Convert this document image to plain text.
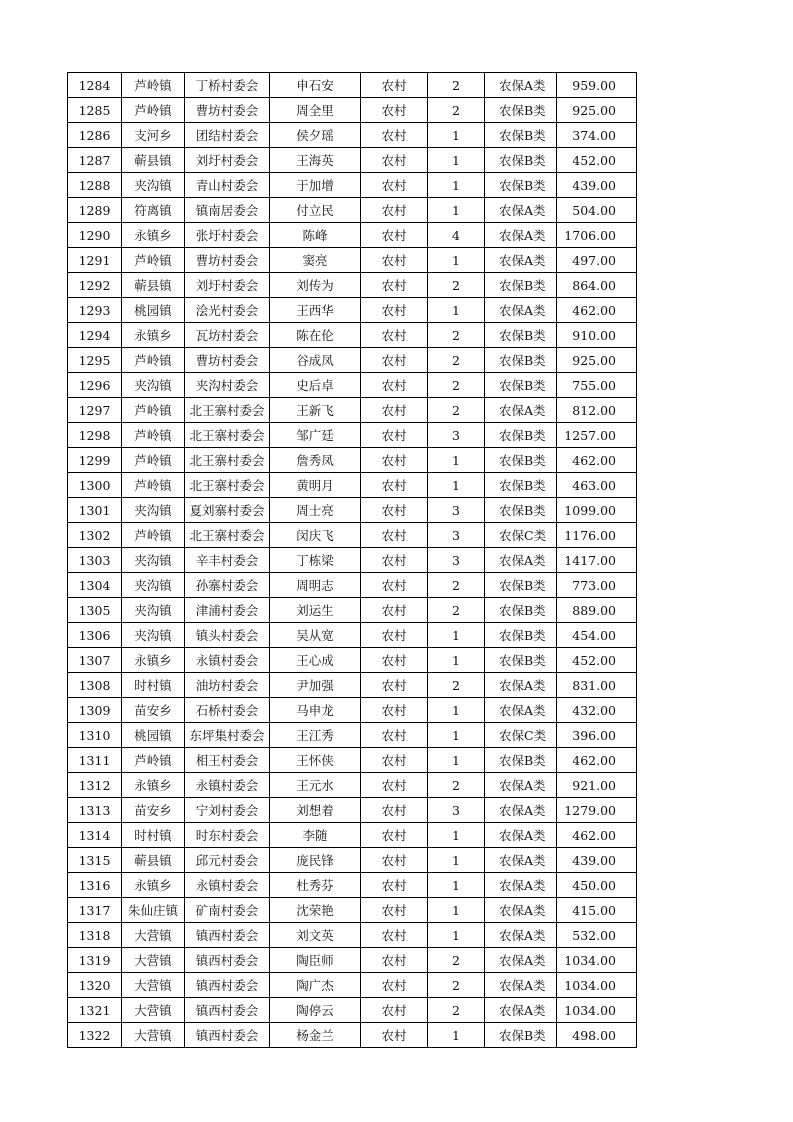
1284	芦岭镇	丁桥村委会	申石安	农村	2	农保A类	959.00
1285	芦岭镇	曹坊村委会	周全里	农村	2	农保B类	925.00
1286	支河乡	团结村委会	侯夕瑶	农村	1	农保B类	374.00
1287	蕲县镇	刘圩村委会	王海英	农村	1	农保B类	452.00
1288	夹沟镇	青山村委会	于加增	农村	1	农保B类	439.00
1289	符离镇	镇南居委会	付立民	农村	1	农保A类	504.00
1290	永镇乡	张圩村委会	陈峰	农村	4	农保A类	1706.00
1291	芦岭镇	曹坊村委会	窦亮	农村	1	农保A类	497.00
1292	蕲县镇	刘圩村委会	刘传为	农村	2	农保B类	864.00
1293	桃园镇	浍光村委会	王西华	农村	1	农保A类	462.00
1294	永镇乡	瓦坊村委会	陈在伦	农村	2	农保B类	910.00
1295	芦岭镇	曹坊村委会	谷成凤	农村	2	农保B类	925.00
1296	夹沟镇	夹沟村委会	史后卓	农村	2	农保B类	755.00
1297	芦岭镇	北王寨村委会	王新飞	农村	2	农保A类	812.00
1298	芦岭镇	北王寨村委会	邹广廷	农村	3	农保B类	1257.00
1299	芦岭镇	北王寨村委会	詹秀凤	农村	1	农保B类	462.00
1300	芦岭镇	北王寨村委会	黄明月	农村	1	农保B类	463.00
1301	夹沟镇	夏刘寨村委会	周士亮	农村	3	农保B类	1099.00
1302	芦岭镇	北王寨村委会	闵庆飞	农村	3	农保C类	1176.00
1303	夹沟镇	辛丰村委会	丁栋梁	农村	3	农保A类	1417.00
1304	夹沟镇	孙寨村委会	周明志	农村	2	农保B类	773.00
1305	夹沟镇	津浦村委会	刘运生	农村	2	农保B类	889.00
1306	夹沟镇	镇头村委会	吴从宽	农村	1	农保B类	454.00
1307	永镇乡	永镇村委会	王心成	农村	1	农保B类	452.00
1308	时村镇	油坊村委会	尹加强	农村	2	农保A类	831.00
1309	苗安乡	石桥村委会	马申龙	农村	1	农保A类	432.00
1310	桃园镇	东坪集村委会	王江秀	农村	1	农保C类	396.00
1311	芦岭镇	相王村委会	王怀侠	农村	1	农保B类	462.00
1312	永镇乡	永镇村委会	王元水	农村	2	农保A类	921.00
1313	苗安乡	宁刘村委会	刘想着	农村	3	农保A类	1279.00
1314	时村镇	时东村委会	李随	农村	1	农保A类	462.00
1315	蕲县镇	邱元村委会	庞民锋	农村	1	农保A类	439.00
1316	永镇乡	永镇村委会	杜秀芬	农村	1	农保A类	450.00
1317	朱仙庄镇	矿南村委会	沈荣艳	农村	1	农保A类	415.00
1318	大营镇	镇西村委会	刘文英	农村	1	农保A类	532.00
1319	大营镇	镇西村委会	陶臣师	农村	2	农保A类	1034.00
1320	大营镇	镇西村委会	陶广杰	农村	2	农保A类	1034.00
1321	大营镇	镇西村委会	陶停云	农村	2	农保A类	1034.00
1322	大营镇	镇西村委会	杨金兰	农村	1	农保B类	498.00
